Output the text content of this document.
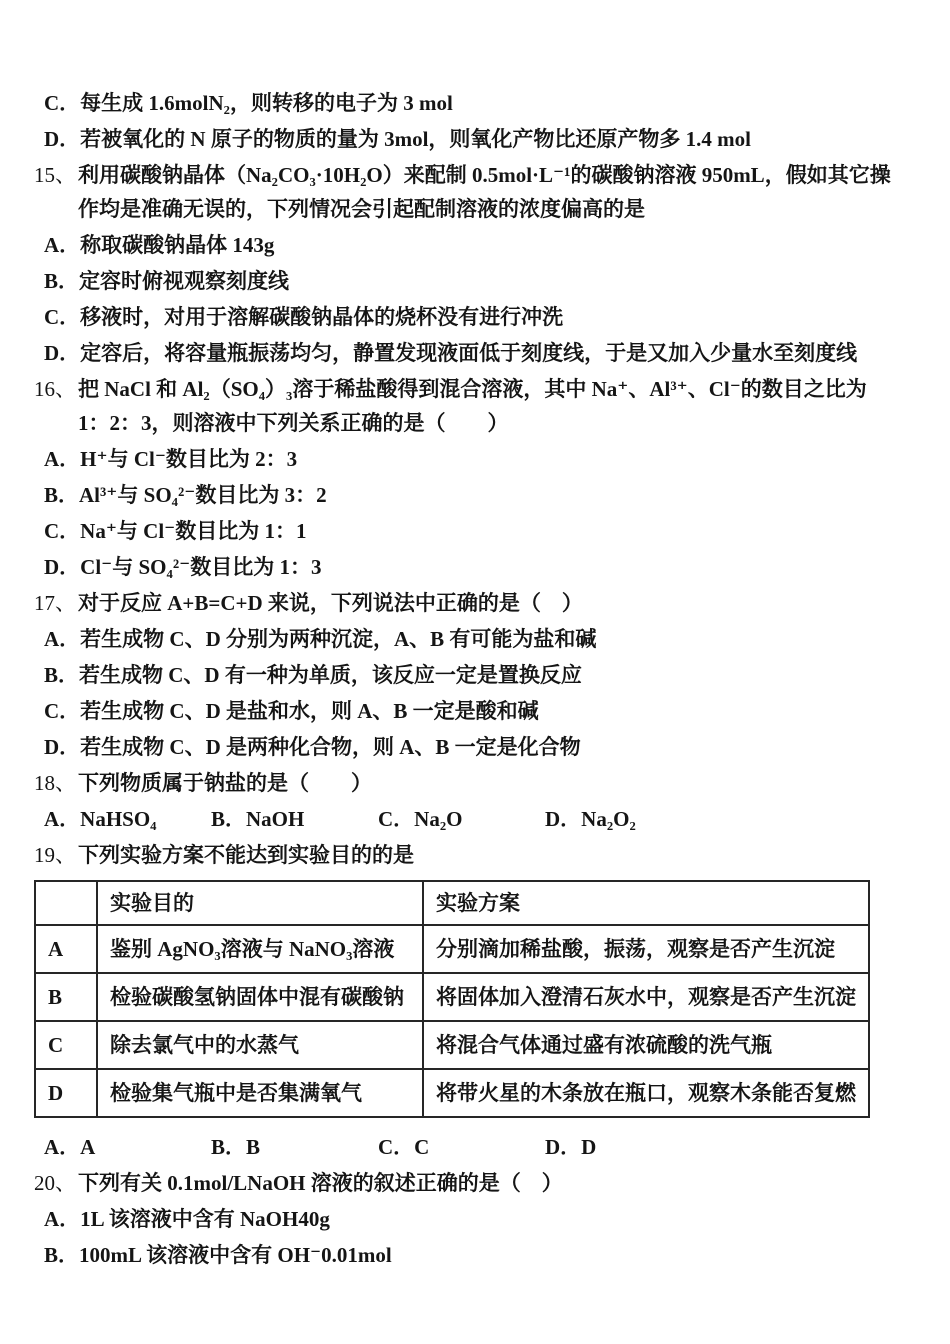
C． 每生成 1.6molN₂，则转移的电子为 3 mol
D． 若被氧化的 N 原子的物质的量为 3mol，则氧化产物比还原产物多 1.4 mol
15、 利用碳酸钠晶体（Na₂CO₃·10H₂O）来配制 0.5mol·L⁻¹的碳酸钠溶液 950mL，假如其它操作均是准确无误的，下列情况会引起配制溶液的浓度偏高的是
A． 称取碳酸钠晶体 143g
B． 定容时俯视观察刻度线
C． 移液时，对用于溶解碳酸钠晶体的烧杯没有进行冲洗
D． 定容后，将容量瓶振荡均匀，静置发现液面低于刻度线，于是又加入少量水至刻度线
16、 把 NaCl 和 Al₂（SO₄）₃溶于稀盐酸得到混合溶液，其中 Na⁺、Al³⁺、Cl⁻的数目之比为 1：2：3，则溶液中下列关系正确的是（　　）
A． H⁺与 Cl⁻数目比为 2：3
B． Al³⁺与 SO₄²⁻数目比为 3：2
C． Na⁺与 Cl⁻数目比为 1：1
D． Cl⁻与 SO₄²⁻数目比为 1：3
17、 对于反应 A+B=C+D 来说，下列说法中正确的是（　）
A． 若生成物 C、D 分别为两种沉淀，A、B 有可能为盐和碱
B． 若生成物 C、D 有一种为单质，该反应一定是置换反应
C． 若生成物 C、D 是盐和水，则 A、B 一定是酸和碱
D． 若生成物 C、D 是两种化合物，则 A、B 一定是化合物
18、 下列物质属于钠盐的是（　　）
A． NaHSO₄	B． NaOH	C． Na₂O	D． Na₂O₂
19、 下列实验方案不能达到实验目的的是
	实验目的	实验方案
A	鉴别 AgNO₃溶液与 NaNO₃溶液	分别滴加稀盐酸，振荡，观察是否产生沉淀
B	检验碳酸氢钠固体中混有碳酸钠	将固体加入澄清石灰水中，观察是否产生沉淀
C	除去氯气中的水蒸气	将混合气体通过盛有浓硫酸的洗气瓶
D	检验集气瓶中是否集满氧气	将带火星的木条放在瓶口，观察木条能否复燃
A． A	B． B	C． C	D． D
20、 下列有关 0.1mol/LNaOH 溶液的叙述正确的是（　）
A． 1L 该溶液中含有 NaOH40g
B． 100mL 该溶液中含有 OH⁻0.01mol
